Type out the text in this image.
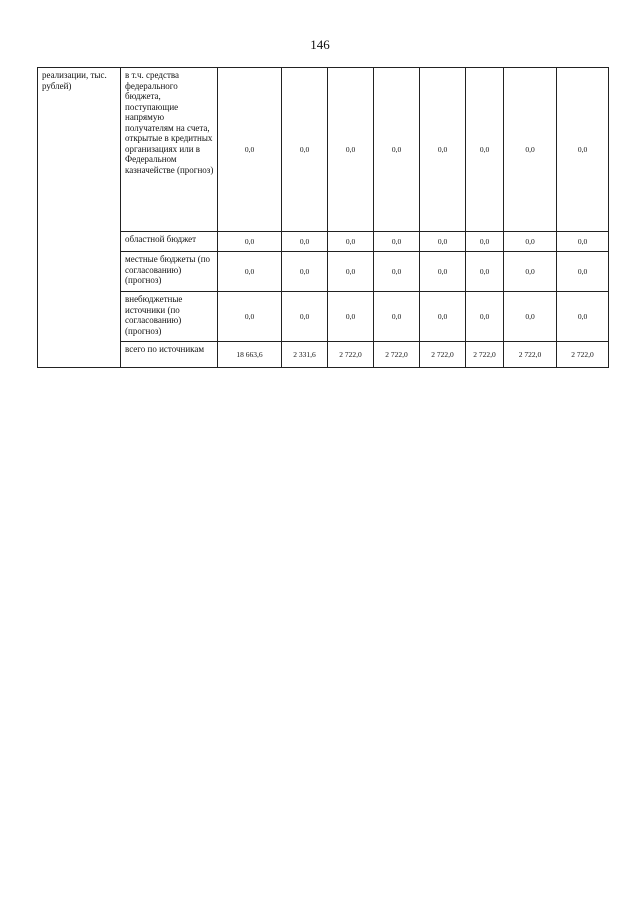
146
реализации, тыс. рублей)	в т.ч. средства федерального бюджета, поступающие напрямую получателям на счета, открытые в кредитных организациях или в Федеральном казначействе (прогноз)	0,0	0,0	0,0	0,0	0,0	0,0	0,0	0,0
	областной бюджет	0,0	0,0	0,0	0,0	0,0	0,0	0,0	0,0
	местные бюджеты (по согласованию) (прогноз)	0,0	0,0	0,0	0,0	0,0	0,0	0,0	0,0
	внебюджетные источники (по согласованию) (прогноз)	0,0	0,0	0,0	0,0	0,0	0,0	0,0	0,0
	всего по источникам	18 663,6	2 331,6	2 722,0	2 722,0	2 722,0	2 722,0	2 722,0	2 722,0
